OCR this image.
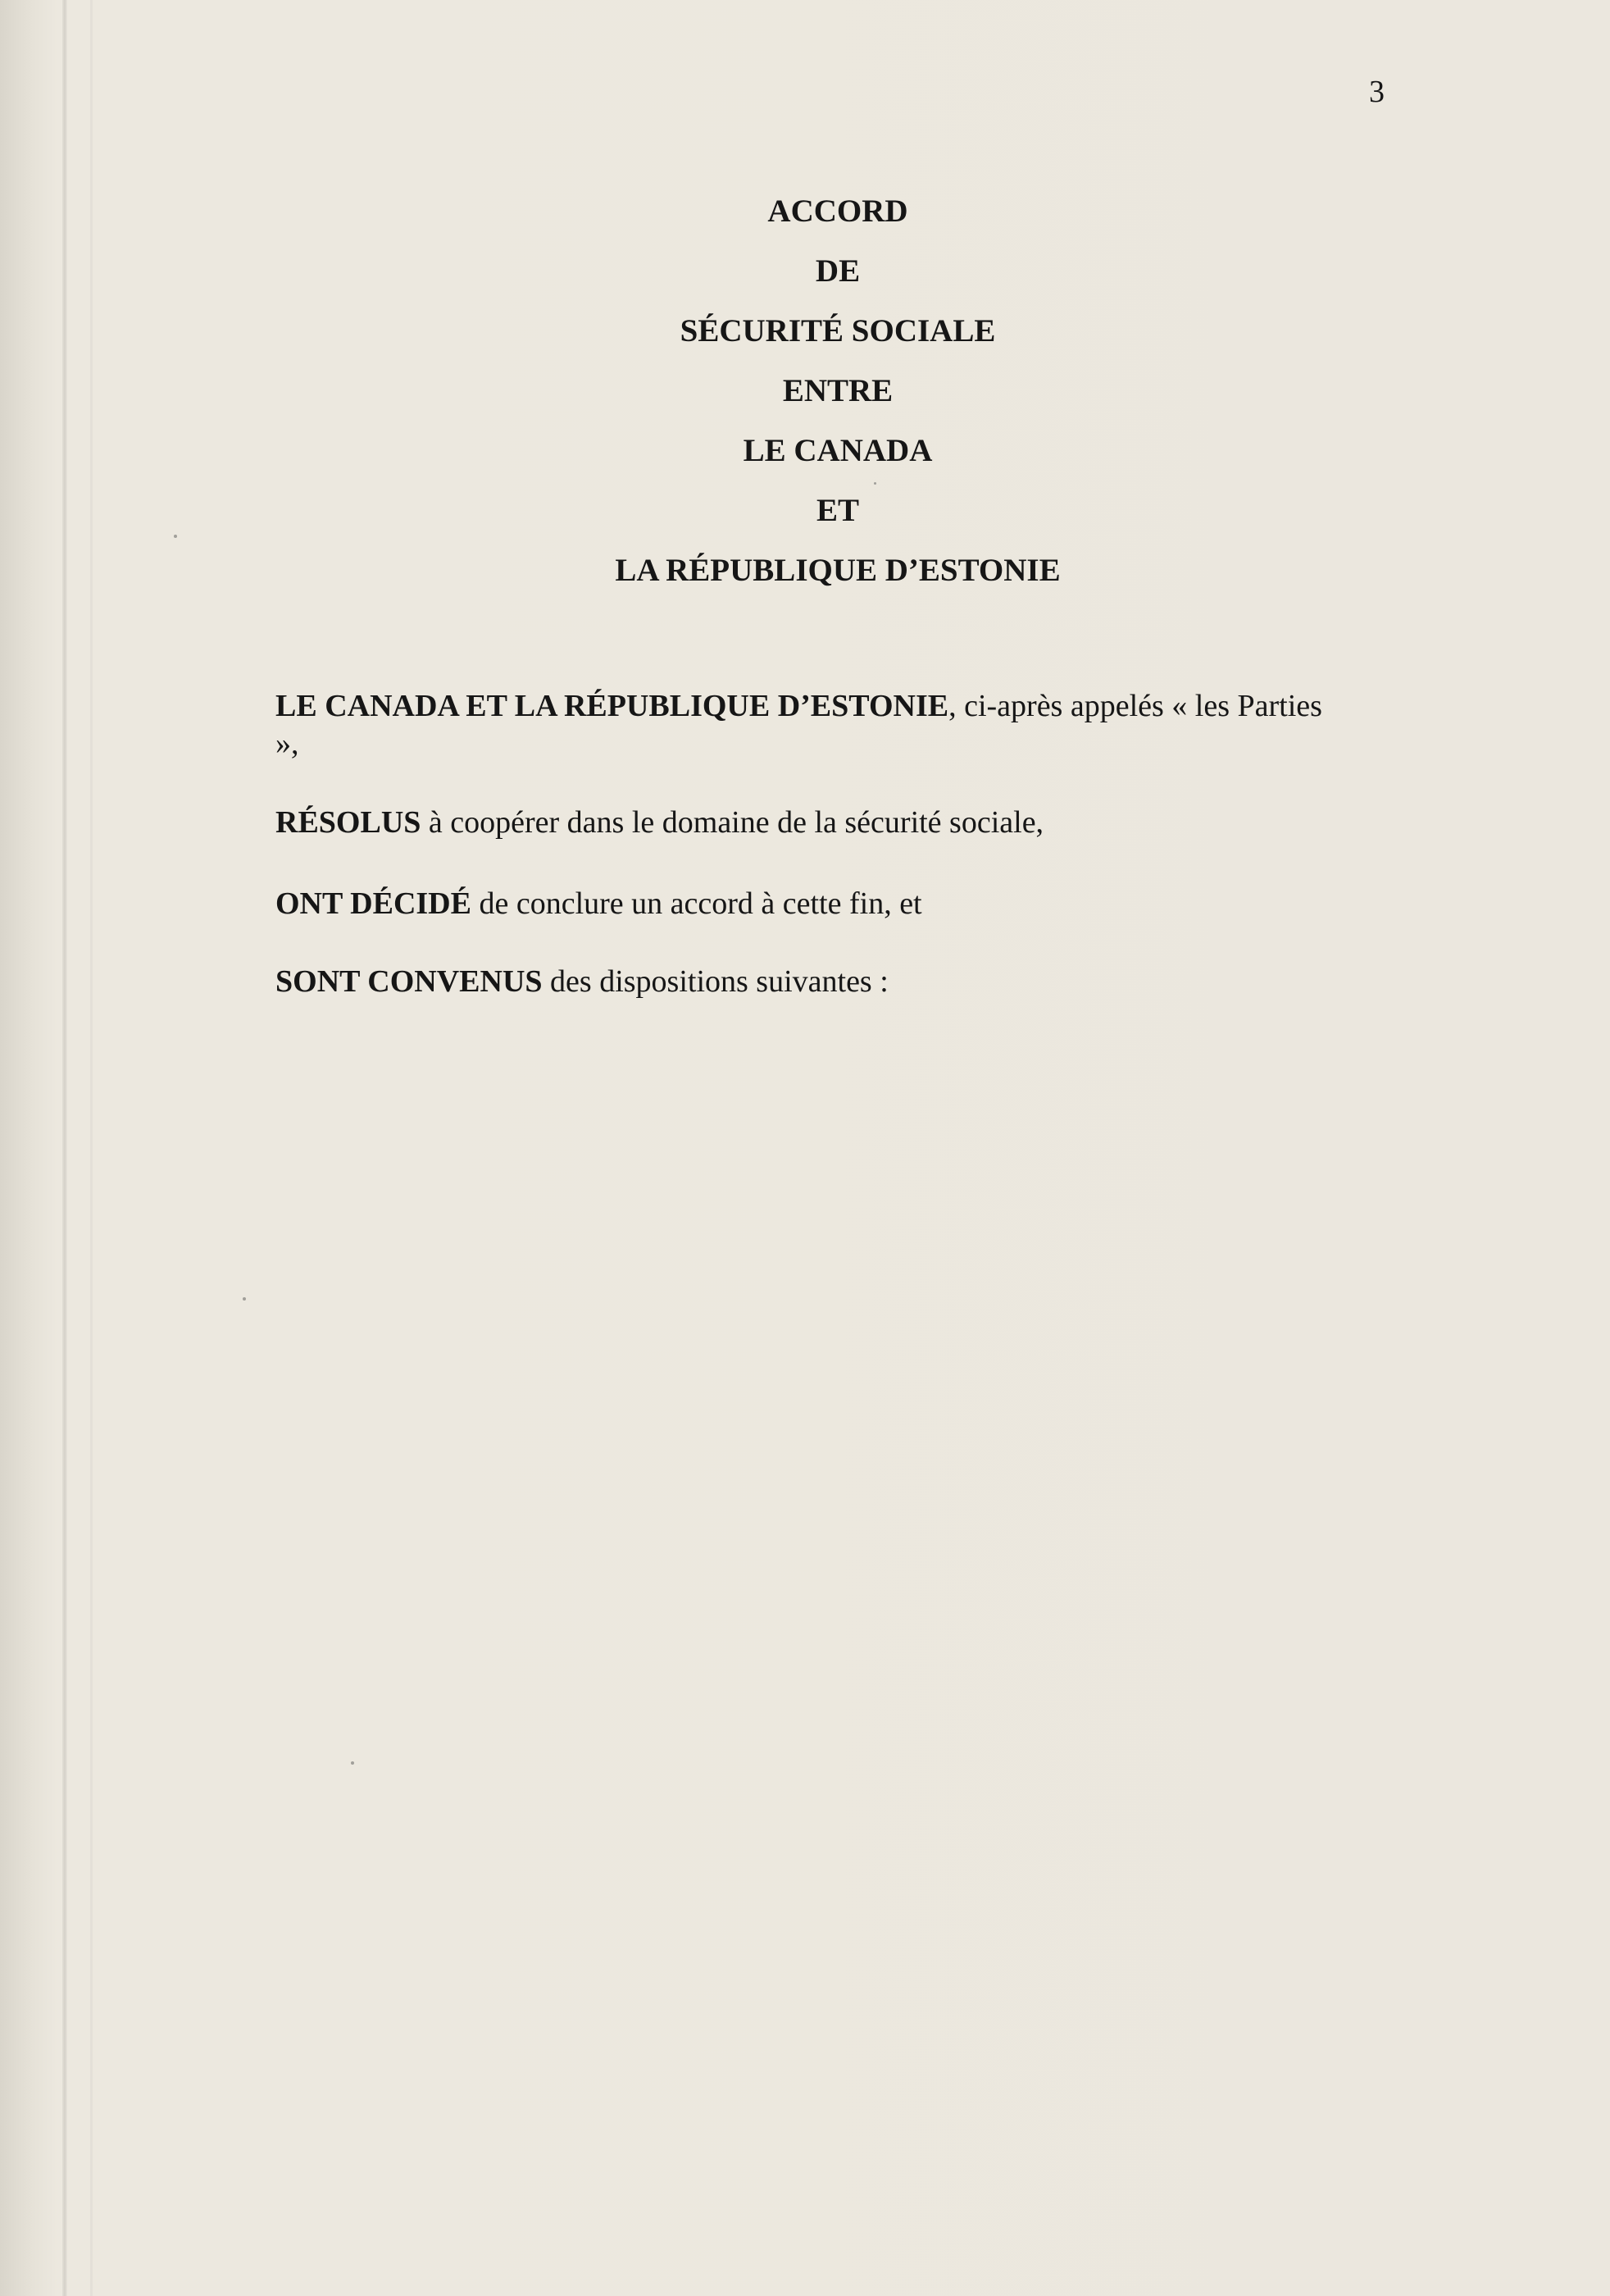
3
ACCORD
DE
SÉCURITÉ SOCIALE
ENTRE
LE CANADA
ET
LA RÉPUBLIQUE D’ESTONIE
LE CANADA ET LA RÉPUBLIQUE D’ESTONIE, ci-après appelés « les Parties »,
RÉSOLUS à coopérer dans le domaine de la sécurité sociale,
ONT DÉCIDÉ de conclure un accord à cette fin, et
SONT CONVENUS des dispositions suivantes :
